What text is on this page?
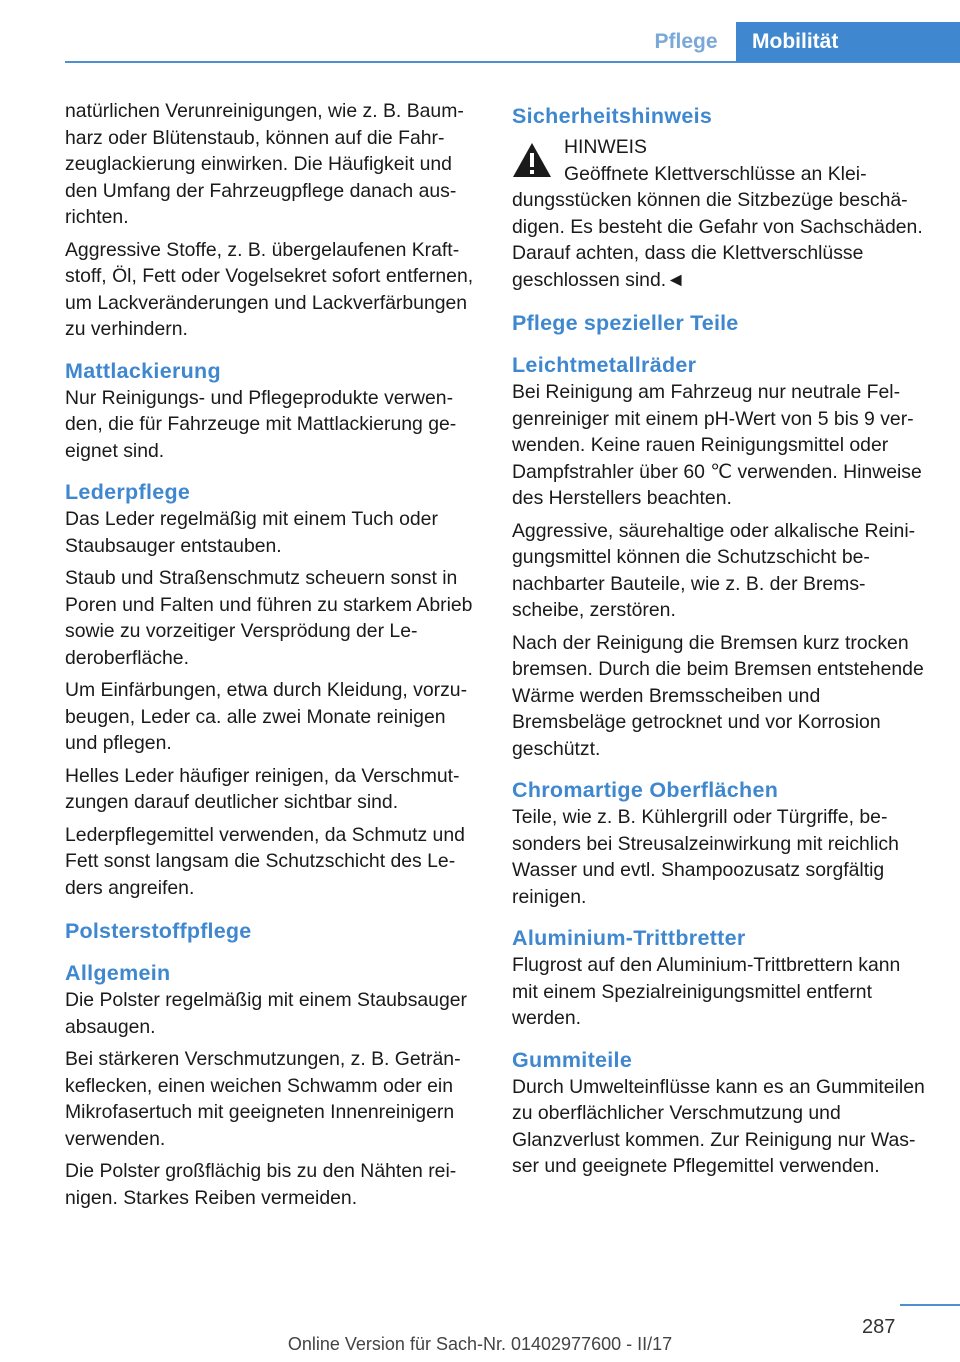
Pflege	Mobilität

natürlichen Verunreinigungen, wie z. B. Baumharz oder Blütenstaub, können auf die Fahrzeuglackierung einwirken. Die Häufigkeit und den Umfang der Fahrzeugpflege danach ausrichten.

Aggressive Stoffe, z. B. übergelaufenen Kraftstoff, Öl, Fett oder Vogelsekret sofort entfernen, um Lackveränderungen und Lackverfärbungen zu verhindern.

Mattlackierung

Nur Reinigungs- und Pflegeprodukte verwenden, die für Fahrzeuge mit Mattlackierung geeignet sind.

Lederpflege

Das Leder regelmäßig mit einem Tuch oder Staubsauger entstauben.

Staub und Straßenschmutz scheuern sonst in Poren und Falten und führen zu starkem Abrieb sowie zu vorzeitiger Versprödung der Lederoberfläche.

Um Einfärbungen, etwa durch Kleidung, vorzubeugen, Leder ca. alle zwei Monate reinigen und pflegen.

Helles Leder häufiger reinigen, da Verschmutzungen darauf deutlicher sichtbar sind.

Lederpflegemittel verwenden, da Schmutz und Fett sonst langsam die Schutzschicht des Leders angreifen.

Polsterstoffpflege
Allgemein

Die Polster regelmäßig mit einem Staubsauger absaugen.

Bei stärkeren Verschmutzungen, z. B. Getränkeflecken, einen weichen Schwamm oder ein Mikrofasertuch mit geeigneten Innenreinigern verwenden.

Die Polster großflächig bis zu den Nähten reinigen. Starkes Reiben vermeiden.

Sicherheitshinweis
HINWEIS

Geöffnete Klettverschlüsse an Kleidungsstücken können die Sitzbezüge beschädigen. Es besteht die Gefahr von Sachschäden. Darauf achten, dass die Klettverschlüsse geschlossen sind.◄

Pflege spezieller Teile
Leichtmetallräder

Bei Reinigung am Fahrzeug nur neutrale Felgenreiniger mit einem pH-Wert von 5 bis 9 verwenden. Keine rauen Reinigungsmittel oder Dampfstrahler über 60 ℃ verwenden. Hinweise des Herstellers beachten.

Aggressive, säurehaltige oder alkalische Reinigungsmittel können die Schutzschicht benachbarter Bauteile, wie z. B. der Bremsscheibe, zerstören.

Nach der Reinigung die Bremsen kurz trocken bremsen. Durch die beim Bremsen entstehende Wärme werden Bremsscheiben und Bremsbeläge getrocknet und vor Korrosion geschützt.

Chromartige Oberflächen

Teile, wie z. B. Kühlergrill oder Türgriffe, besonders bei Streusalzeinwirkung mit reichlich Wasser und evtl. Shampoozusatz sorgfältig reinigen.

Aluminium-Trittbretter

Flugrost auf den Aluminium-Trittbrettern kann mit einem Spezialreinigungsmittel entfernt werden.

Gummiteile

Durch Umwelteinflüsse kann es an Gummiteilen zu oberflächlicher Verschmutzung und Glanzverlust kommen. Zur Reinigung nur Wasser und geeignete Pflegemittel verwenden.

287
Online Version für Sach-Nr. 01402977600 - II/17
